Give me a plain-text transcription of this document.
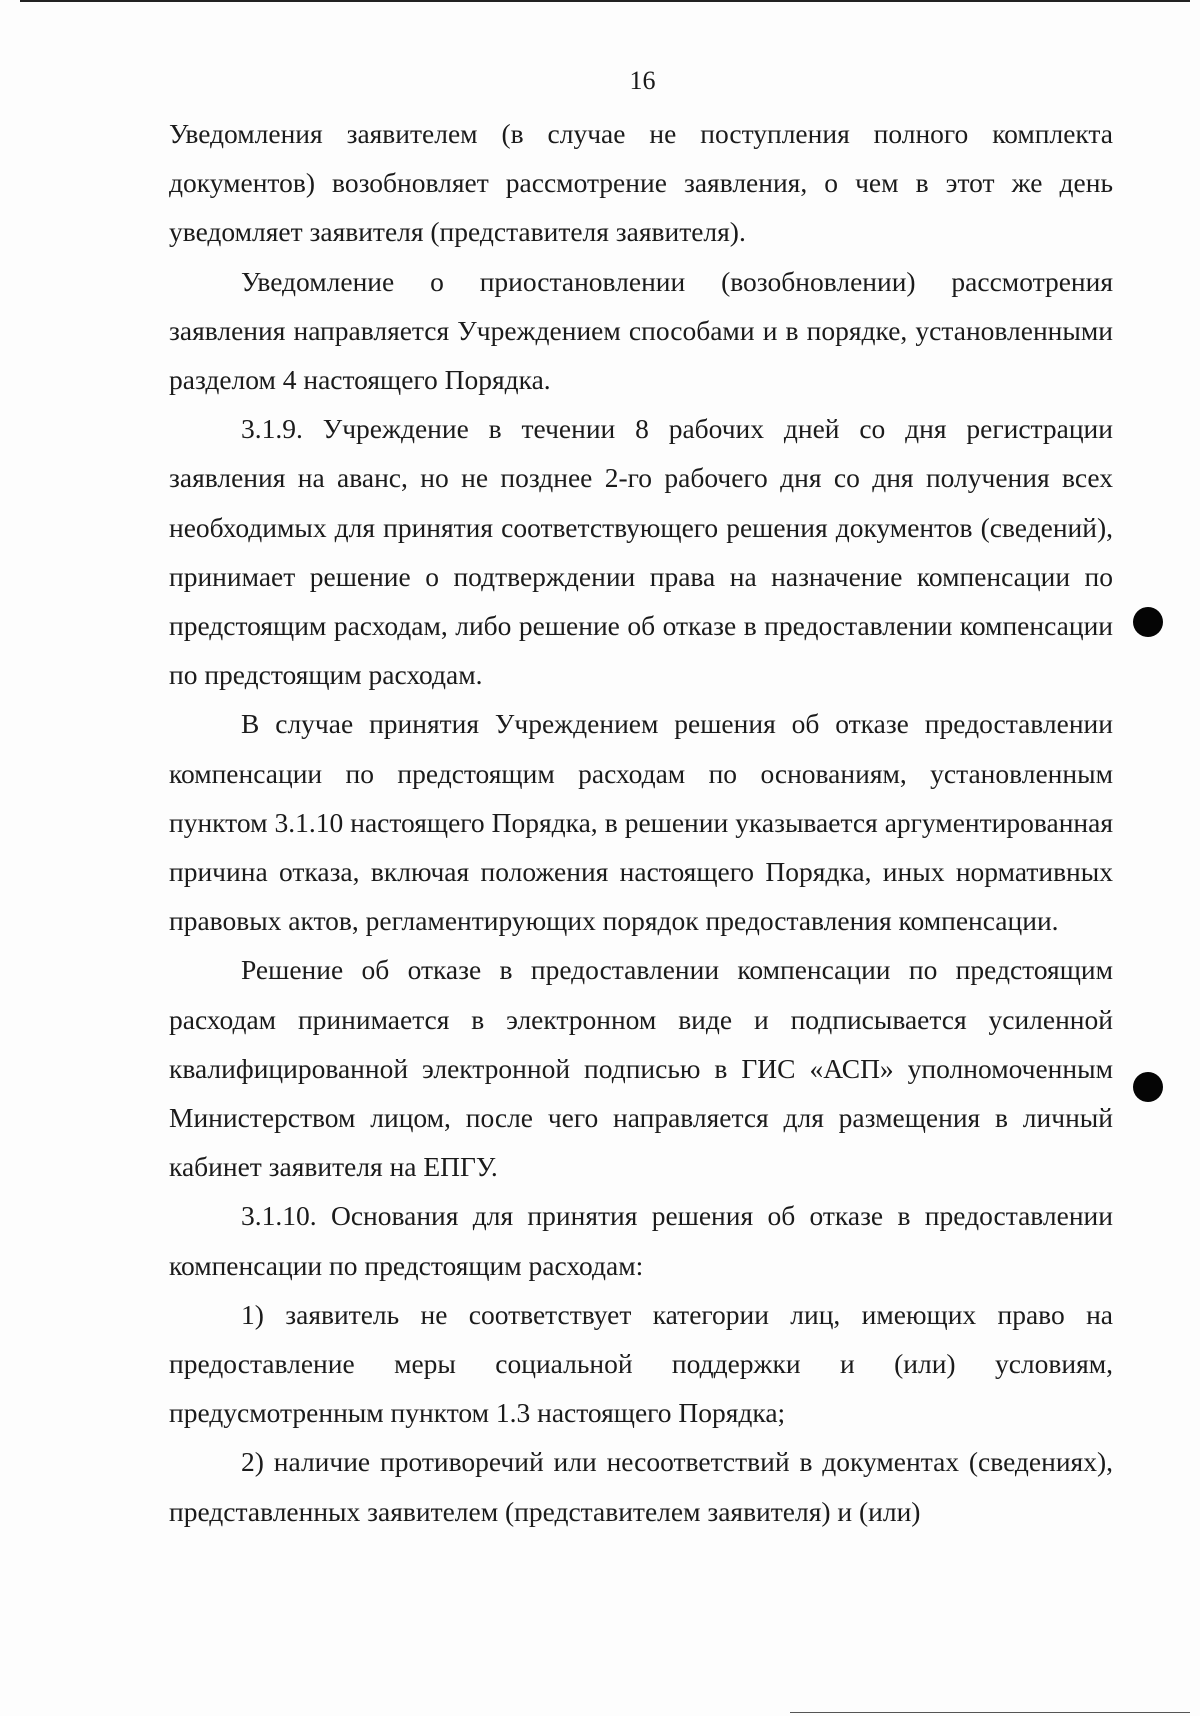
16

Уведомления заявителем (в случае не поступления полного комплекта документов) возобновляет рассмотрение заявления, о чем в этот же день уведомляет заявителя (представителя заявителя).

Уведомление о приостановлении (возобновлении) рассмотрения заявления направляется Учреждением способами и в порядке, установленными разделом 4 настоящего Порядка.

3.1.9. Учреждение в течении 8 рабочих дней со дня регистрации заявления на аванс, но не позднее 2-го рабочего дня со дня получения всех необходимых для принятия соответствующего решения документов (сведений), принимает решение о подтверждении права на назначение компенсации по предстоящим расходам, либо решение об отказе в предоставлении компенсации по предстоящим расходам.

В случае принятия Учреждением решения об отказе предоставлении компенсации по предстоящим расходам по основаниям, установленным пунктом 3.1.10 настоящего Порядка, в решении указывается аргументированная причина отказа, включая положения настоящего Порядка, иных нормативных правовых актов, регламентирующих порядок предоставления компенсации.

Решение об отказе в предоставлении компенсации по предстоящим расходам принимается в электронном виде и подписывается усиленной квалифицированной электронной подписью в ГИС «АСП» уполномоченным Министерством лицом, после чего направляется для размещения в личный кабинет заявителя на ЕПГУ.

3.1.10. Основания для принятия решения об отказе в предоставлении компенсации по предстоящим расходам:

1) заявитель не соответствует категории лиц, имеющих право на предоставление меры социальной поддержки и (или) условиям, предусмотренным пунктом 1.3 настоящего Порядка;

2) наличие противоречий или несоответствий в документах (сведениях), представленных заявителем (представителем заявителя) и (или)
